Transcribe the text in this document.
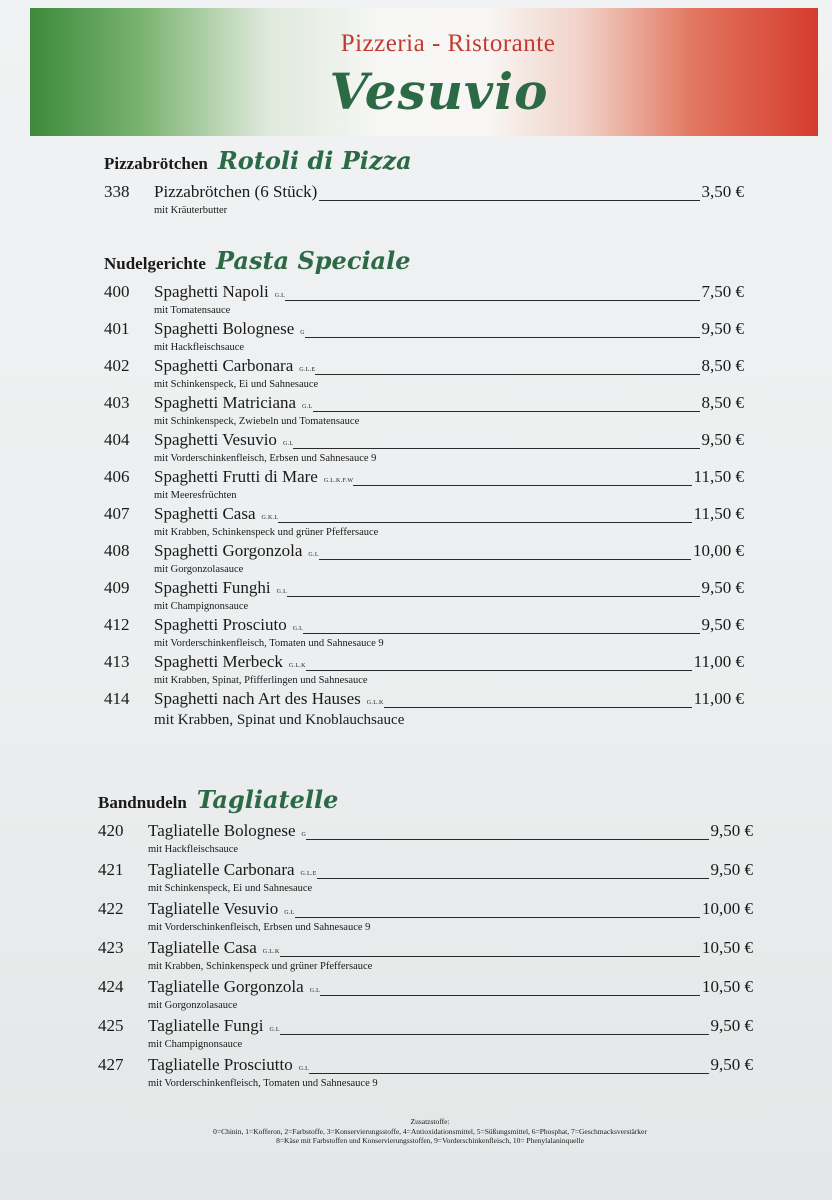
Pizzeria - Ristorante
Vesuvio
Pizzabrötchen Rotoli di Pizza
338	Pizzabrötchen (6 Stück)	3,50 €
mit Kräuterbutter
Nudelgerichte Pasta Speciale
400	Spaghetti Napoli	G.L	7,50 €
mit Tomatensauce
401	Spaghetti Bolognese	G	9,50 €
mit Hackfleischsauce
402	Spaghetti Carbonara	G.L.E	8,50 €
mit Schinkenspeck, Ei und Sahnesauce
403	Spaghetti Matriciana	G.L	8,50 €
mit Schinkenspeck, Zwiebeln und Tomatensauce
404	Spaghetti Vesuvio	G.L	9,50 €
mit Vorderschinkenfleisch, Erbsen und Sahnesauce 9
406	Spaghetti Frutti di Mare	G.L.K.F.W	11,50 €
mit Meeresfrüchten
407	Spaghetti Casa	G.K.L	11,50 €
mit Krabben, Schinkenspeck und grüner Pfeffersauce
408	Spaghetti Gorgonzola	G.L	10,00 €
mit Gorgonzolasauce
409	Spaghetti Funghi	G.L	9,50 €
mit Champignonsauce
412	Spaghetti Prosciuto	G.L	9,50 €
mit Vorderschinkenfleisch, Tomaten und Sahnesauce 9
413	Spaghetti Merbeck	G.L.K	11,00 €
mit Krabben, Spinat, Pfifferlingen und Sahnesauce
414	Spaghetti nach Art des Hauses	G.L.K	11,00 €
mit Krabben, Spinat und Knoblauchsauce
Bandnudeln Tagliatelle
420	Tagliatelle Bolognese	G	9,50 €
mit Hackfleischsauce
421	Tagliatelle Carbonara	G.L.E	9,50 €
mit Schinkenspeck, Ei und Sahnesauce
422	Tagliatelle Vesuvio	G.L	10,00 €
mit Vorderschinkenfleisch, Erbsen und Sahnesauce 9
423	Tagliatelle Casa	G.L.K	10,50 €
mit Krabben, Schinkenspeck und grüner Pfeffersauce
424	Tagliatelle Gorgonzola	G.L	10,50 €
mit Gorgonzolasauce
425	Tagliatelle Fungi	G.L	9,50 €
mit Champignonsauce
427	Tagliatelle Prosciutto	G.L	9,50 €
mit Vorderschinkenfleisch, Tomaten und Sahnesauce 9
Zusatzstoffe:
0=Chinin, 1=Kofferon, 2=Farbstoffe, 3=Konservierungsstoffe, 4=Antioxidationsmittel, 5=Süßungsmittel, 6=Phosphat, 7=Geschmacksverstärker
8=Käse mit Farbstoffen und Konservierungsstoffen, 9=Vorderschinkenfleisch, 10= Phenylalaninquelle
